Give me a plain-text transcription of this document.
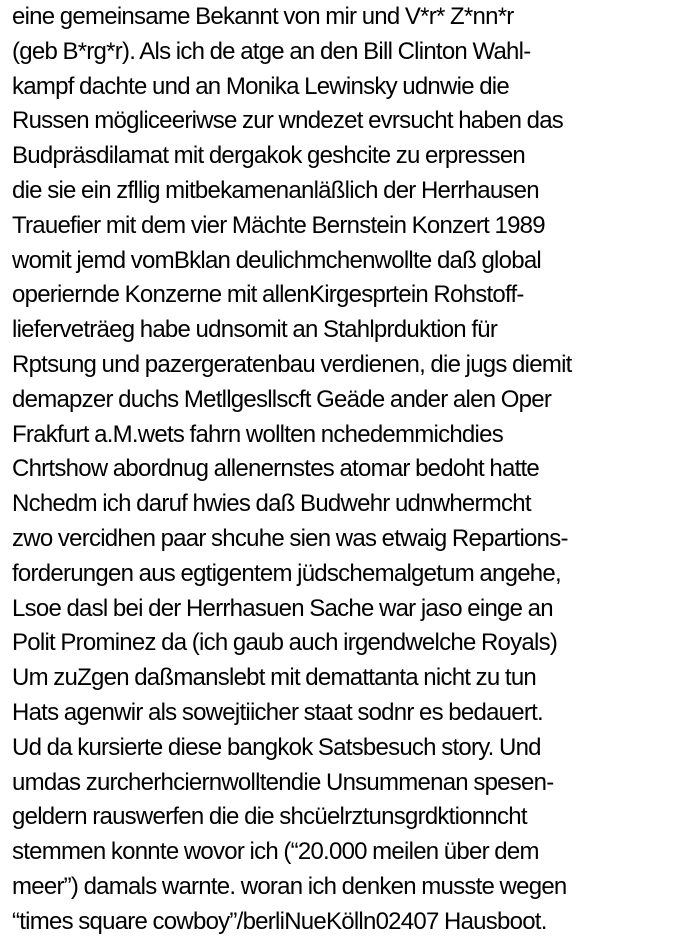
eine gemeinsame Bekannt von mir und V*r* Z*nn*r
(geb B*rg*r). Als ich de atge an den Bill Clinton Wahl-
kampf dachte und an Monika Lewinsky udnwie die
Russen mögliceeriwse zur wndezet evrsucht haben das
Budpräsdilamat mit dergakok geshcite zu erpressen
die sie ein zfllig mitbekamenanläßlich der Herrhausen
Trauefier mit dem vier Mächte Bernstein Konzert 1989
womit jemd vomBklan deulichmchenwollte daß global
operiernde Konzerne mit allenKirgesprtein Rohstoff-
lieferveträeg habe udnsomit an Stahlprduktion für
Rptsung und pazergeratenbau verdienen, die jugs diemit
demapzer duchs Metllgesllscft Geäde ander alen Oper
Frakfurt a.M.wets fahrn wollten nchedemmichdies
Chrtshow abordnug allenernstes atomar bedoht hatte
Nchedm ich daruf hwies daß Budwehr udnwhermcht
zwo vercidhen paar shcuhe sien was etwaig Repartions-
forderungen aus egtigentem jüdschemalgetum angehe,
Lsoe dasl bei der Herrhasuen Sache war jaso einge an
Polit Prominez da (ich gaub auch irgendwelche Royals)
Um zuZgen daßmanslebt mit demattanta nicht zu tun
Hats agenwir als sowejtiicher staat sodnr es bedauert.
Ud da kursierte diese bangkok Satsbesuch story. Und
umdas zurcherhciernwolltendie Unsummenan spesen-
geldern rauswerfen die die shcüelrztunsgrdktionncht
stemmen konnte wovor ich (“20.000 meilen über dem
meer”) damals warnte. woran ich denken musste wegen
“times square cowboy”/berliNueKölln02407 Hausboot.
